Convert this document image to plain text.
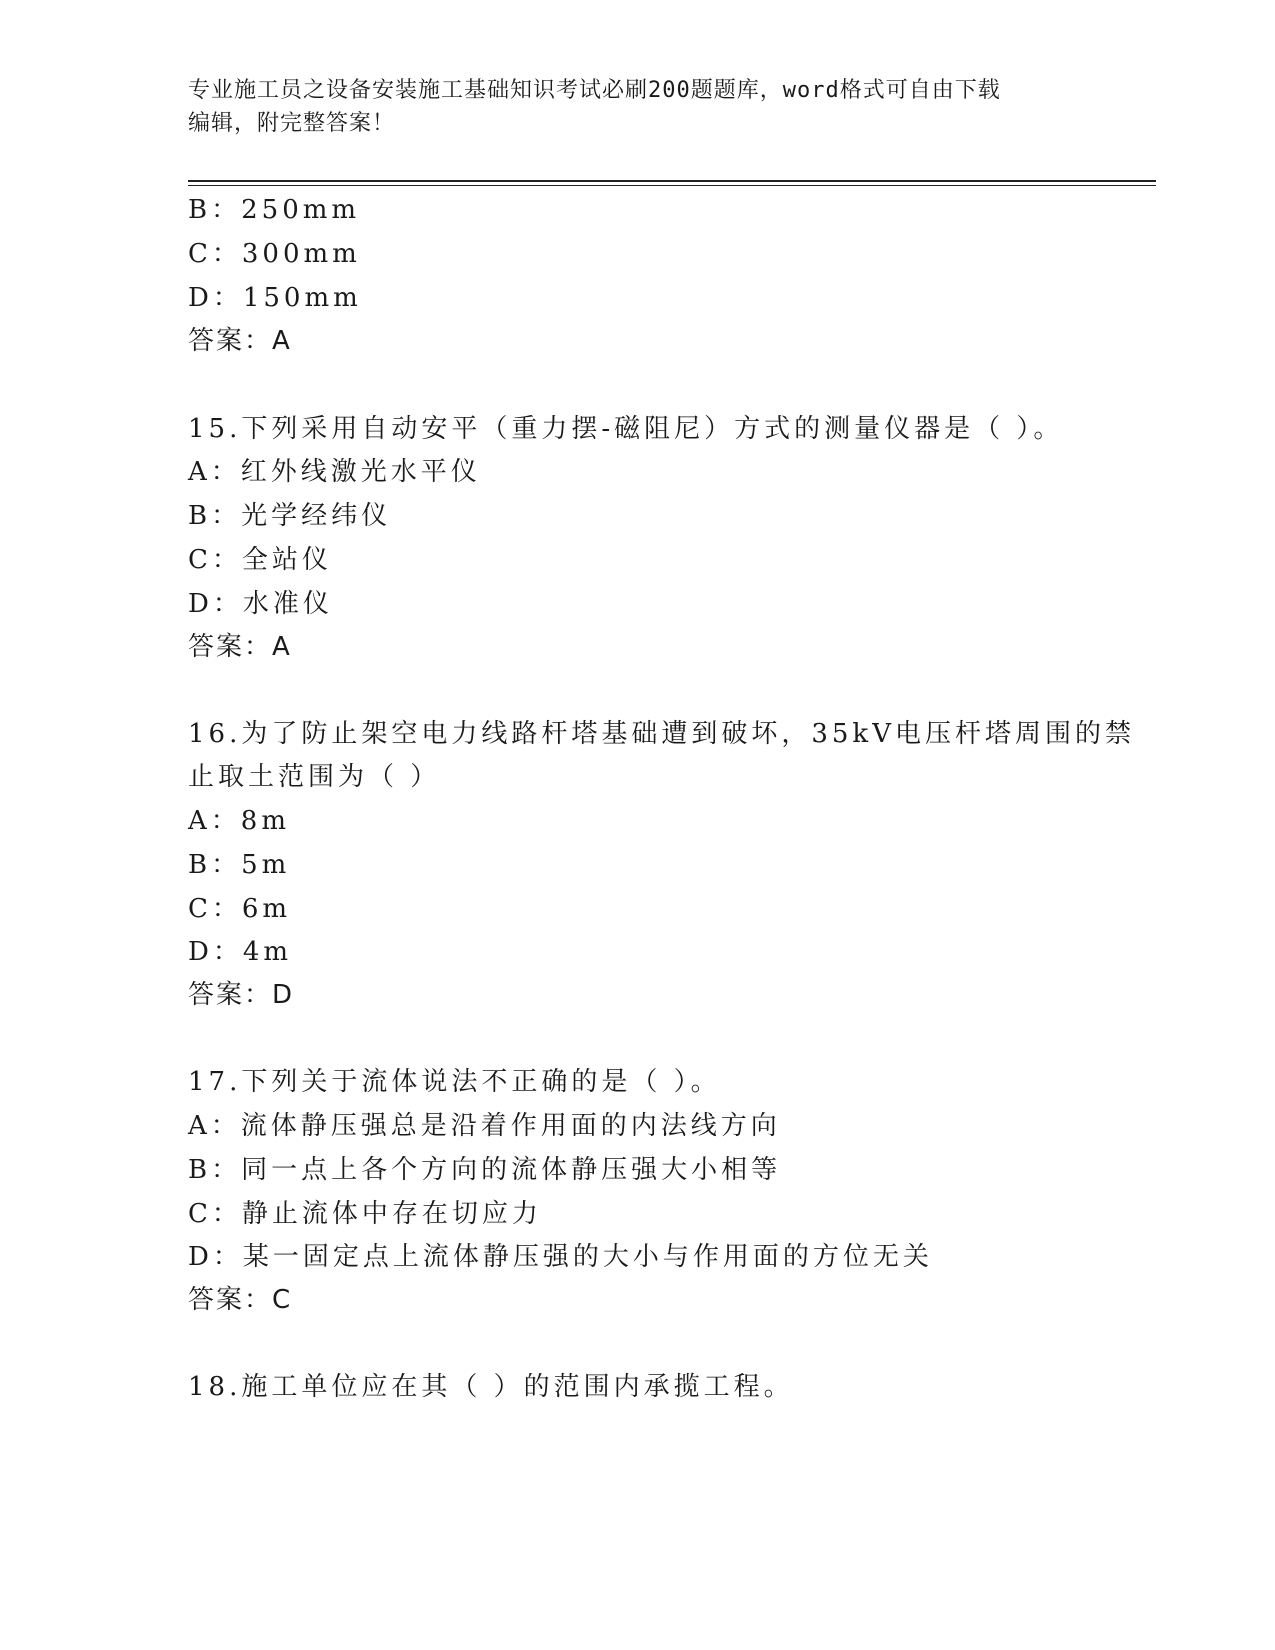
专业施工员之设备安装施工基础知识考试必刷200题题库，word格式可自由下载
编辑，附完整答案！
B：250mm
C：300mm
D：150mm
答案：A
15.下列采用自动安平（重力摆-磁阻尼）方式的测量仪器是（ ）。
A：红外线激光水平仪
B：光学经纬仪
C：全站仪
D：水准仪
答案：A
16.为了防止架空电力线路杆塔基础遭到破坏，35kV电压杆塔周围的禁
止取土范围为（ ）
A：8m
B：5m
C：6m
D：4m
答案：D
17.下列关于流体说法不正确的是（ ）。
A：流体静压强总是沿着作用面的内法线方向
B：同一点上各个方向的流体静压强大小相等
C：静止流体中存在切应力
D：某一固定点上流体静压强的大小与作用面的方位无关
答案：C
18.施工单位应在其（ ）的范围内承揽工程。
